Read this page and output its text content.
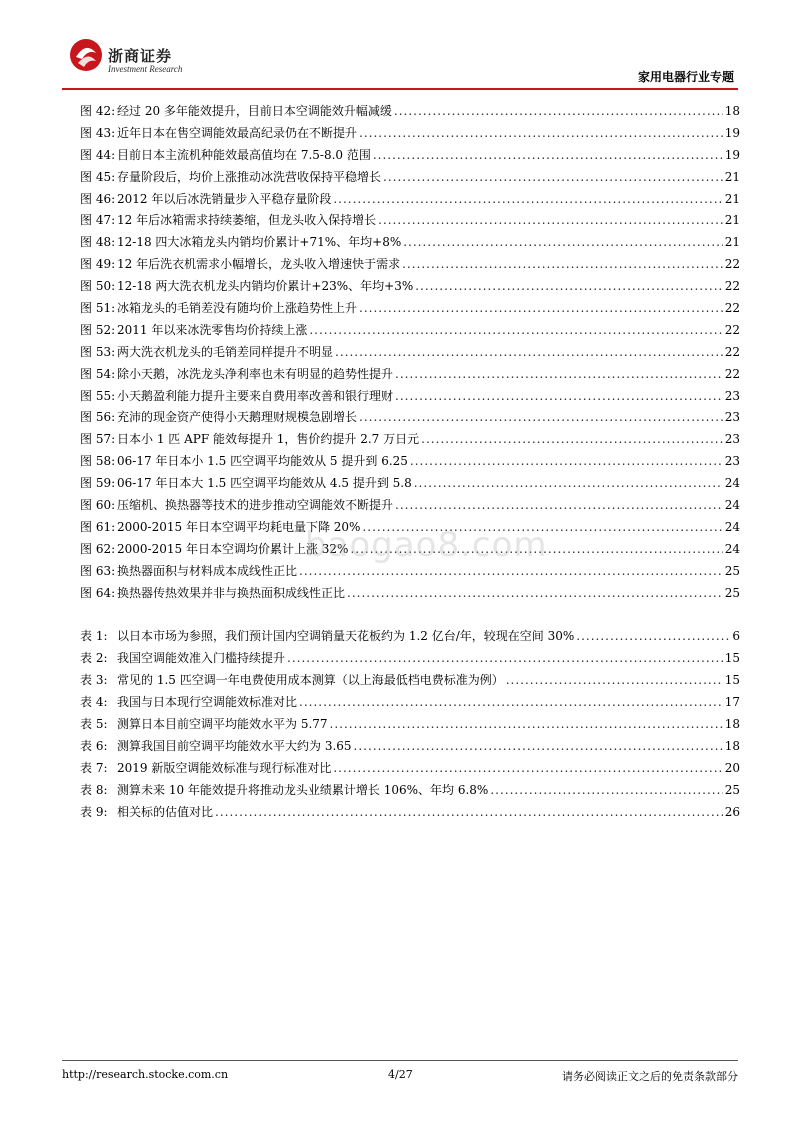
浙商证券
Investment Research
家用电器行业专题
图 42: 经过 20 多年能效提升，目前日本空调能效升幅减缓 .....	18
图 43: 近年日本在售空调能效最高纪录仍在不断提升 .....	19
图 44: 目前日本主流机种能效最高值均在 7.5-8.0 范围 .....	19
图 45: 存量阶段后，均价上涨推动冰洗营收保持平稳增长 .....	21
图 46: 2012 年以后冰洗销量步入平稳存量阶段 .....	21
图 47: 12 年后冰箱需求持续萎缩，但龙头收入保持增长 .....	21
图 48: 12-18 四大冰箱龙头内销均价累计+71%、年均+8% .....	21
图 49: 12 年后洗衣机需求小幅增长，龙头收入增速快于需求 .....	22
图 50: 12-18 两大洗衣机龙头内销均价累计+23%、年均+3% .....	22
图 51: 冰箱龙头的毛销差没有随均价上涨趋势性上升 .....	22
图 52: 2011 年以来冰洗零售均价持续上涨 .....	22
图 53: 两大洗衣机龙头的毛销差同样提升不明显 .....	22
图 54: 除小天鹅，冰洗龙头净利率也未有明显的趋势性提升 .....	22
图 55: 小天鹅盈利能力提升主要来自费用率改善和银行理财 .....	23
图 56: 充沛的现金资产使得小天鹅理财规模急剧增长 .....	23
图 57: 日本小 1 匹 APF 能效每提升 1，售价约提升 2.7 万日元 .....	23
图 58: 06-17 年日本小 1.5 匹空调平均能效从 5 提升到 6.25 .....	23
图 59: 06-17 年日本大 1.5 匹空调平均能效从 4.5 提升到 5.8 .....	24
图 60: 压缩机、换热器等技术的进步推动空调能效不断提升 .....	24
图 61: 2000-2015 年日本空调平均耗电量下降 20% .....	24
图 62: 2000-2015 年日本空调均价累计上涨 32% .....	24
图 63: 换热器面积与材料成本成线性正比 .....	25
图 64: 换热器传热效果并非与换热面积成线性正比 .....	25
表 1: 以日本市场为参照，我们预计国内空调销量天花板约为 1.2 亿台/年，较现在空间 30% .....	6
表 2: 我国空调能效准入门槛持续提升 .....	15
表 3: 常见的 1.5 匹空调一年电费使用成本测算（以上海最低档电费标准为例） .....	15
表 4: 我国与日本现行空调能效标准对比 .....	17
表 5: 测算日本目前空调平均能效水平为 5.77 .....	18
表 6: 测算我国目前空调平均能效水平大约为 3.65 .....	18
表 7: 2019 新版空调能效标准与现行标准对比 .....	20
表 8: 测算未来 10 年能效提升将推动龙头业绩累计增长 106%、年均 6.8% .....	25
表 9: 相关标的估值对比 .....	26
baogao8.com
http://research.stocke.com.cn	4/27	请务必阅读正文之后的免责条款部分
